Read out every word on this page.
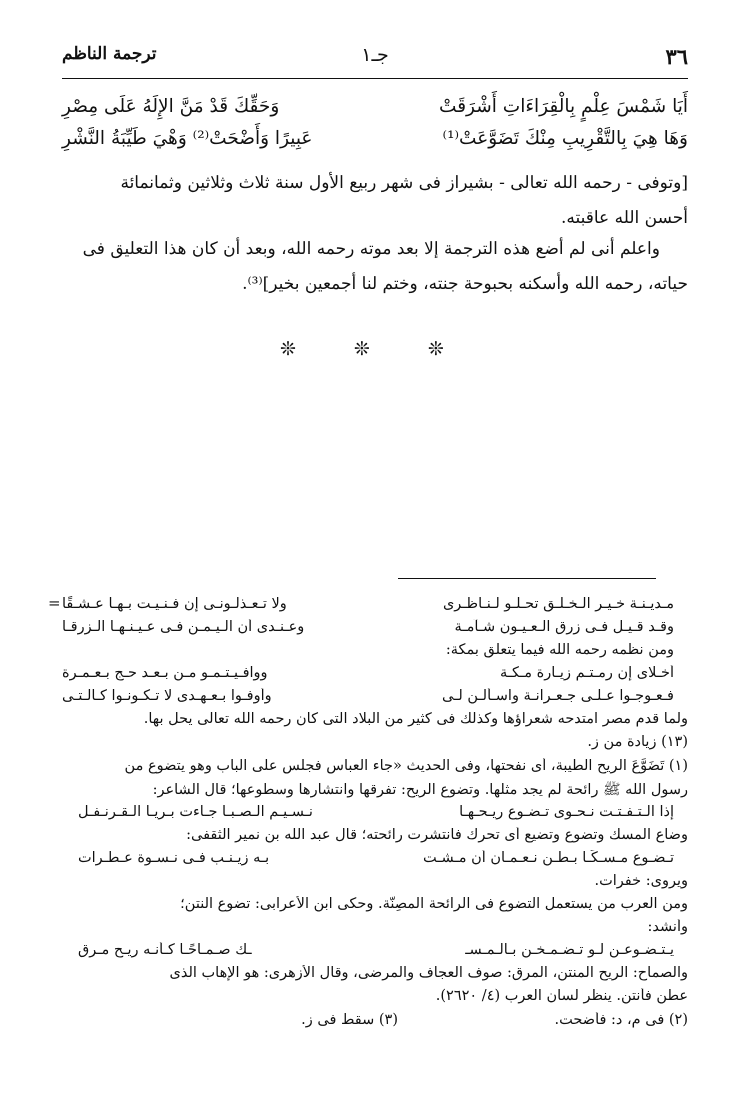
٣٦
جـ١
ترجمة الناظم
أَيَا شَمْسَ عِلْمٍ بِالْقِرَاءَاتِ أَشْرَقَتْ
وَحَقِّكَ قَدْ مَنَّ الإِلَهُ عَلَى مِصْرِ
وَهَا هِيَ بِالتَّقْرِيبِ مِنْكَ تَضَوَّعَتْ⁽¹⁾
عَبِيرًا وَأَضْحَتْ⁽²⁾ وَهْيَ طَيِّبَةُ النَّشْرِ
[وتوفى - رحمه الله تعالى - بشيراز فى شهر ربيع الأول سنة ثلاث وثلاثين وثمانمائة
أحسن الله عاقبته.
واعلم أنى لم أضع هذه الترجمة إلا بعد موته رحمه الله، وبعد أن كان هذا التعليق فى
حياته، رحمه الله وأسكنه بحبوحة جنته، وختم لنا أجمعين بخير]⁽³⁾.
❊ ❊ ❊
=	مـديـنـة خـيـر الـخـلـق تحـلـو لـنـاظـرى
ولا تـعـذلـونـى إن فـنـيـت بـهـا عـشـقًا
وقـد قـيـل فـى زرق الـعـيـون شـآمـة
وعـنـدى أن الـيـمـن فـى عـيـنـهـا الـزرقـا
ومن نظمه رحمه الله فيما يتعلق بمكة:
أخـلاى إن رمـتـم زيـارة مـكـة
ووافـيـتـمـو مـن بـعـد حـج بـعـمـرة
فـعـوجـوا عـلـى جـعـرانـة واسـألـن لـى
وأوفـوا بـعـهـدى لا تـكـونـوا كـالـتـى
ولما قدم مصر امتدحه شعراؤها وكذلك فى كثير من البلاد التى كان رحمه الله تعالى يحل بها.
(١٣) زيادة من ز.
(١) تَضَوَّعَ الريح الطيبة، أى نفحتها، وفى الحديث «جاء العباس فجلس على الباب وهو يتضوع من
رسول الله ﷺ رائحة لم يجد مثلها. وتضوع الريح: تفرقها وانتشارها وسطوعها؛ قال الشاعر:
إذا الـتـفـتـت نـحـوى تـضـوع ريـحـهـا
نـسـيـم الـصـبـا جـاءت بـريـا الـقـرنـفـل
وضاع المسك وتضوع وتضيع أى تحرك فانتشرت رائحته؛ قال عبد الله بن نمير الثقفى:
تـضـوع مـسـكًـا بـطـن نـعـمـان أن مـشـت
بـه زيـنـب فـى نـسـوة عـطـرات
ويروى: خفرات.
ومن العرب من يستعمل التضوع فى الرائحة المصِنَّة. وحكى ابن الأعرابى: تضوع النتن؛
وأنشد:
يـتـضـوعـن لـو تـضـمـخـن بـالـمـسـ
ـك صـمـاحًـا كـأنـه ريـح مـرق
والصماح: الريح المنتن، المرق: صوف العجاف والمرضى، وقال الأزهرى: هو الإهاب الذى
عطن فأنتن. ينظر لسان العرب (٤/ ٢٦٢٠).
(٢) فى م، د: فأضحت.
(٣) سقط فى ز.
